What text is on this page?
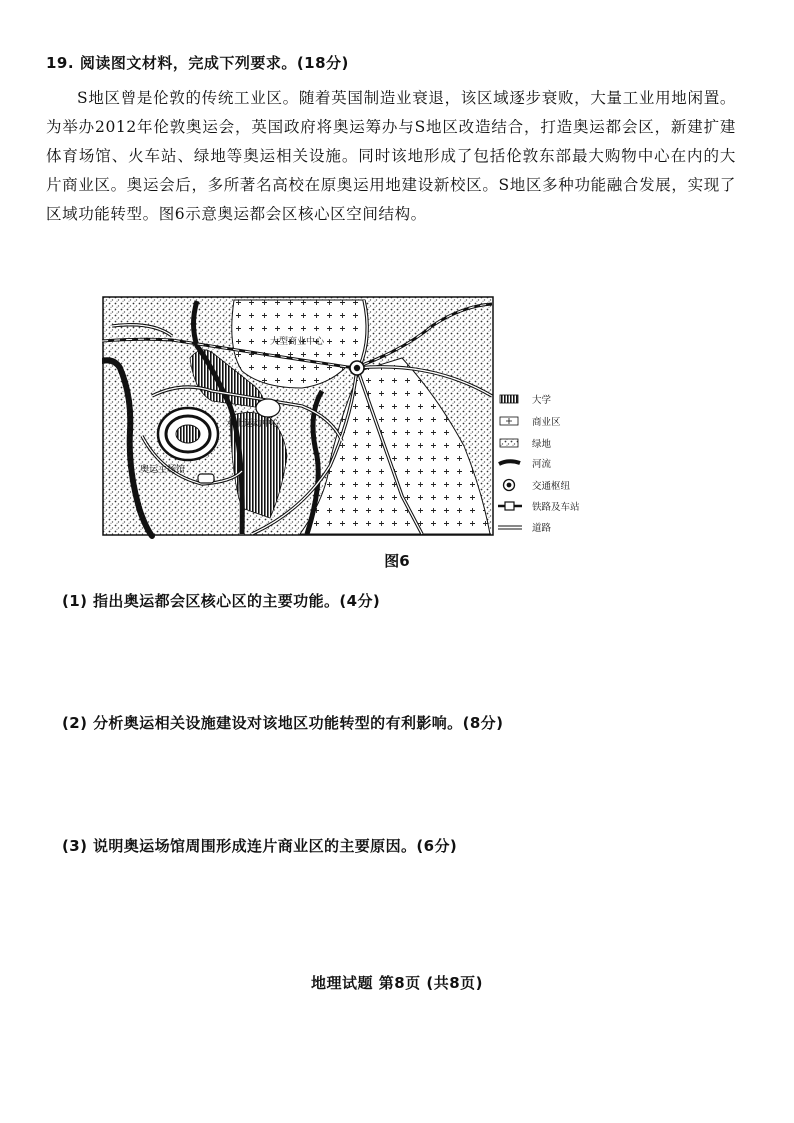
19. 阅读图文材料，完成下列要求。(18分)

S地区曾是伦敦的传统工业区。随着英国制造业衰退，该区域逐步衰败，大量工业用地闲置。为举办2012年伦敦奥运会，英国政府将奥运筹办与S地区改造结合，打造奥运都会区，新建扩建体育场馆、火车站、绿地等奥运相关设施。同时该地形成了包括伦敦东部最大购物中心在内的大片商业区。奥运会后，多所著名高校在原奥运用地建设新校区。S地区多种功能融合发展，实现了区域功能转型。图6示意奥运都会区核心区空间结构。

大型商业中心
水上运动中心
奥运主场馆
大学
商业区
绿地
河流
交通枢纽
铁路及车站
道路
图6
(1) 指出奥运都会区核心区的主要功能。(4分)
(2) 分析奥运相关设施建设对该地区功能转型的有利影响。(8分)
(3) 说明奥运场馆周围形成连片商业区的主要原因。(6分)
地理试题 第8页 (共8页)
